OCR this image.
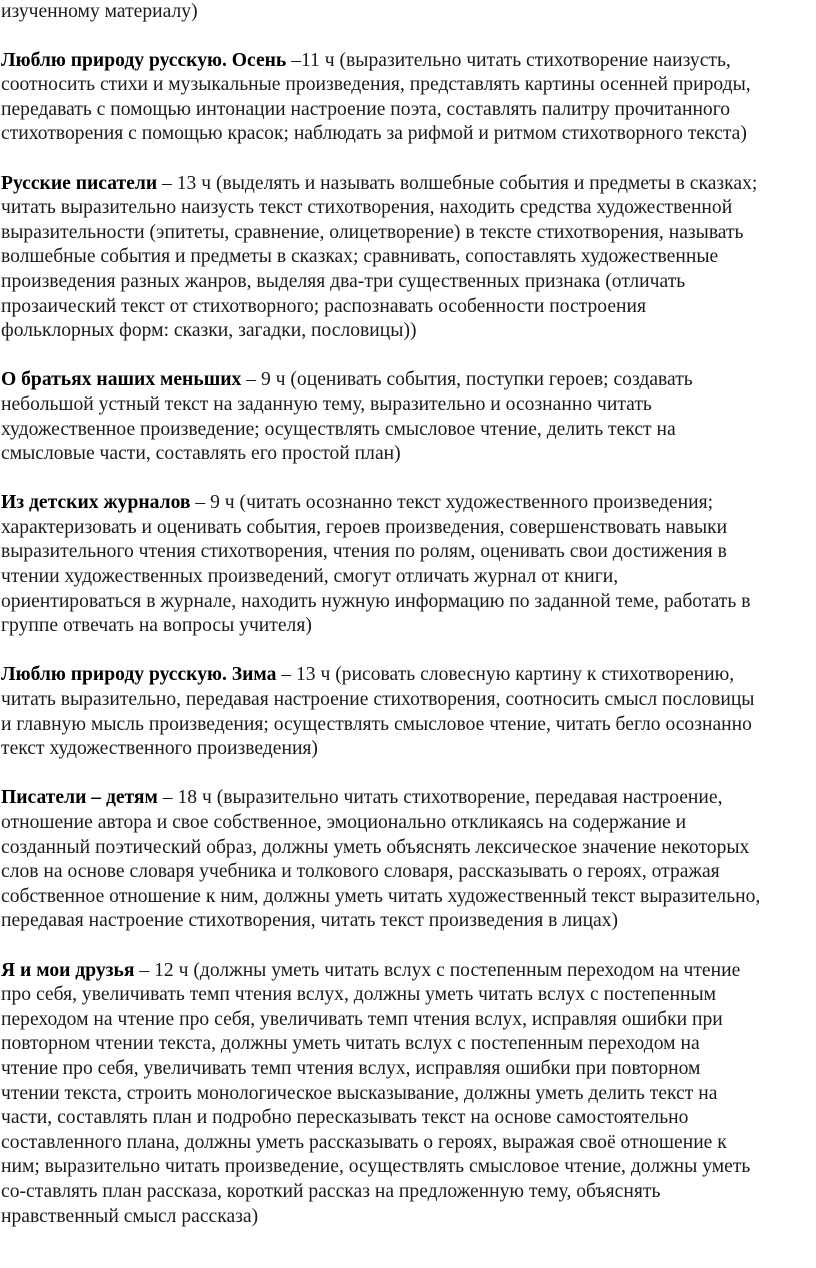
изученному материалу)

Люблю природу русскую. Осень –11 ч (выразительно читать стихотворение наизусть,
соотносить стихи и музыкальные произведения, представлять картины осенней природы,
передавать с помощью интонации настроение поэта, составлять палитру прочитанного
стихотворения с помощью красок; наблюдать за рифмой и ритмом стихотворного текста)
Русские писатели – 13 ч (выделять и называть волшебные события и предметы в сказках;
читать выразительно наизусть текст стихотворения, находить средства художественной
выразительности (эпитеты, сравнение, олицетворение) в тексте стихотворения, называть
волшебные события и предметы в сказках; сравнивать, сопоставлять художественные
произведения разных жанров, выделяя два-три существенных признака (отличать
прозаический текст от стихотворного; распознавать особенности построения
фольклорных форм: сказки, загадки, пословицы))
О братьях наших меньших – 9 ч (оценивать события, поступки героев; создавать
небольшой устный текст на заданную тему, выразительно и осознанно читать
художественное произведение; осуществлять смысловое чтение, делить текст на
смысловые части, составлять его простой план)
Из детских журналов – 9 ч (читать осознанно текст художественного произведения;
характеризовать и оценивать события, героев произведения, совершенствовать навыки
выразительного чтения стихотворения, чтения по ролям, оценивать свои достижения в
чтении художественных произведений, смогут отличать журнал от книги,
ориентироваться в журнале, находить нужную информацию по заданной теме, работать в
группе отвечать на вопросы учителя)
Люблю природу русскую. Зима – 13 ч (рисовать словесную картину к стихотворению,
читать выразительно, передавая настроение стихотворения, соотносить смысл пословицы
и главную мысль произведения; осуществлять смысловое чтение, читать бегло осознанно
текст художественного произведения)
Писатели – детям – 18 ч (выразительно читать стихотворение, передавая настроение,
отношение автора и свое собственное, эмоционально откликаясь на содержание и
созданный поэтический образ, должны уметь объяснять лексическое значение некоторых
слов на основе словаря учебника и толкового словаря, рассказывать о героях, отражая
собственное отношение к ним, должны уметь читать художественный текст выразительно,
передавая настроение стихотворения, читать текст произведения в лицах)
Я и мои друзья – 12 ч (должны уметь читать вслух с постепенным переходом на чтение
про себя, увеличивать темп чтения вслух, должны уметь читать вслух с постепенным
переходом на чтение про себя, увеличивать темп чтения вслух, исправляя ошибки при
повторном чтении текста, должны уметь читать вслух с постепенным переходом на
чтение про себя, увеличивать темп чтения вслух, исправляя ошибки при повторном
чтении текста, строить монологическое высказывание, должны уметь делить текст на
части, составлять план и подробно пересказывать текст на основе самостоятельно
составленного плана, должны уметь рассказывать о героях, выражая своё отношение к
ним; выразительно читать произведение, осуществлять смысловое чтение, должны уметь
со-ставлять план рассказа, короткий рассказ на предложенную тему, объяснять
нравственный смысл рассказа)
